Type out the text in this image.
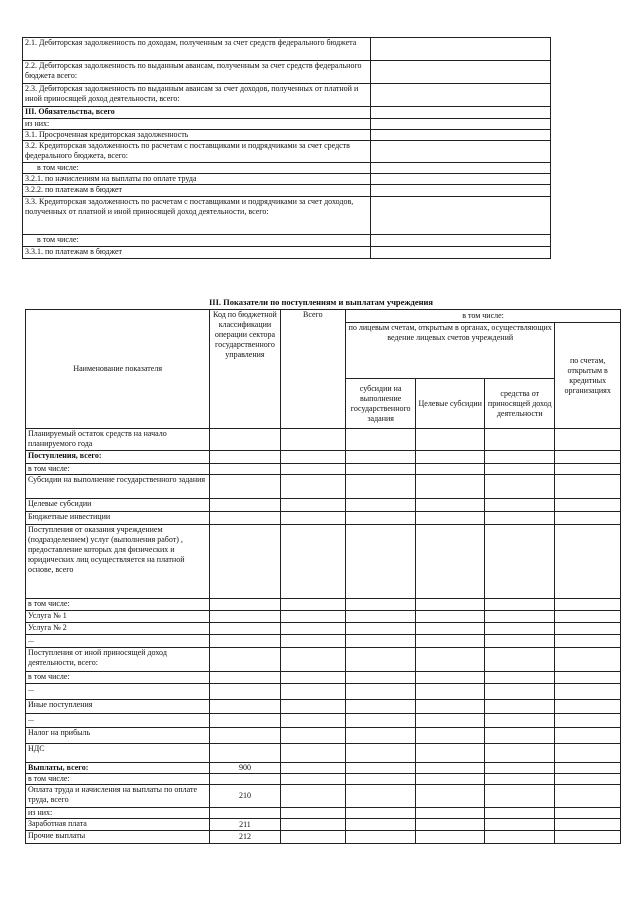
2.1. Дебиторская задолженность по доходам, полученным за счет средств федерального бюджета	
2.2. Дебиторская задолженность по выданным авансам, полученным за счет средств федерального бюджета всего:	
2.3. Дебиторская задолженность по выданным авансам за счет доходов, полученных от платной и иной приносящей доход деятельности, всего:	
III. Обязательства, всего	
из них:	
3.1. Просроченная кредиторская задолженность	
3.2. Кредиторская задолженность по расчетам с поставщиками и подрядчиками за счет средств федерального бюджета, всего:	
в том числе:	
3.2.1. по начислениям на выплаты по оплате труда	
3.2.2. по платежам в бюджет	
3.3. Кредиторская задолженность по расчетам с поставщиками и подрядчиками за счет доходов, полученных от платной и иной приносящей доход деятельности, всего:	
в том числе:	
3.3.1. по платежам в бюджет	
III. Показатели по поступлениям и выплатам учреждения
Наименование показателя	Код по бюджетной классификации операции сектора государственного управления	Всего	в том числе:			
			по лицевым счетам, открытым в органах, осуществляющих ведение лицевых счетов учреждений			по счетам, открытым в кредитных организациях
			субсидии на выполнение государственного задания	Целевые субсидии	средства от приносящей доход деятельности	
Планируемый остаток средств на начало планируемого года						
Поступления, всего:						
в том числе:						
Субсидии на выполнение государственного задания						
Целевые субсидии						
Бюджетные инвестиции						
Поступления от оказания учреждением (подразделением) услуг (выполнения работ) , предоставление которых для физических и юридических лиц осуществляется на платной основе, всего						
в том числе:						
Услуга № 1						
Услуга № 2						
...						
Поступления от иной приносящей доход деятельности, всего:						
в том числе:						
...						
Иные поступления						
...						
Налог на прибыль						
НДС						
Выплаты, всего:	900					
в том числе:						
Оплата труда и начисления на выплаты по оплате труда, всего	210					
из них:						
Заработная плата	211					
Прочие выплаты	212					
